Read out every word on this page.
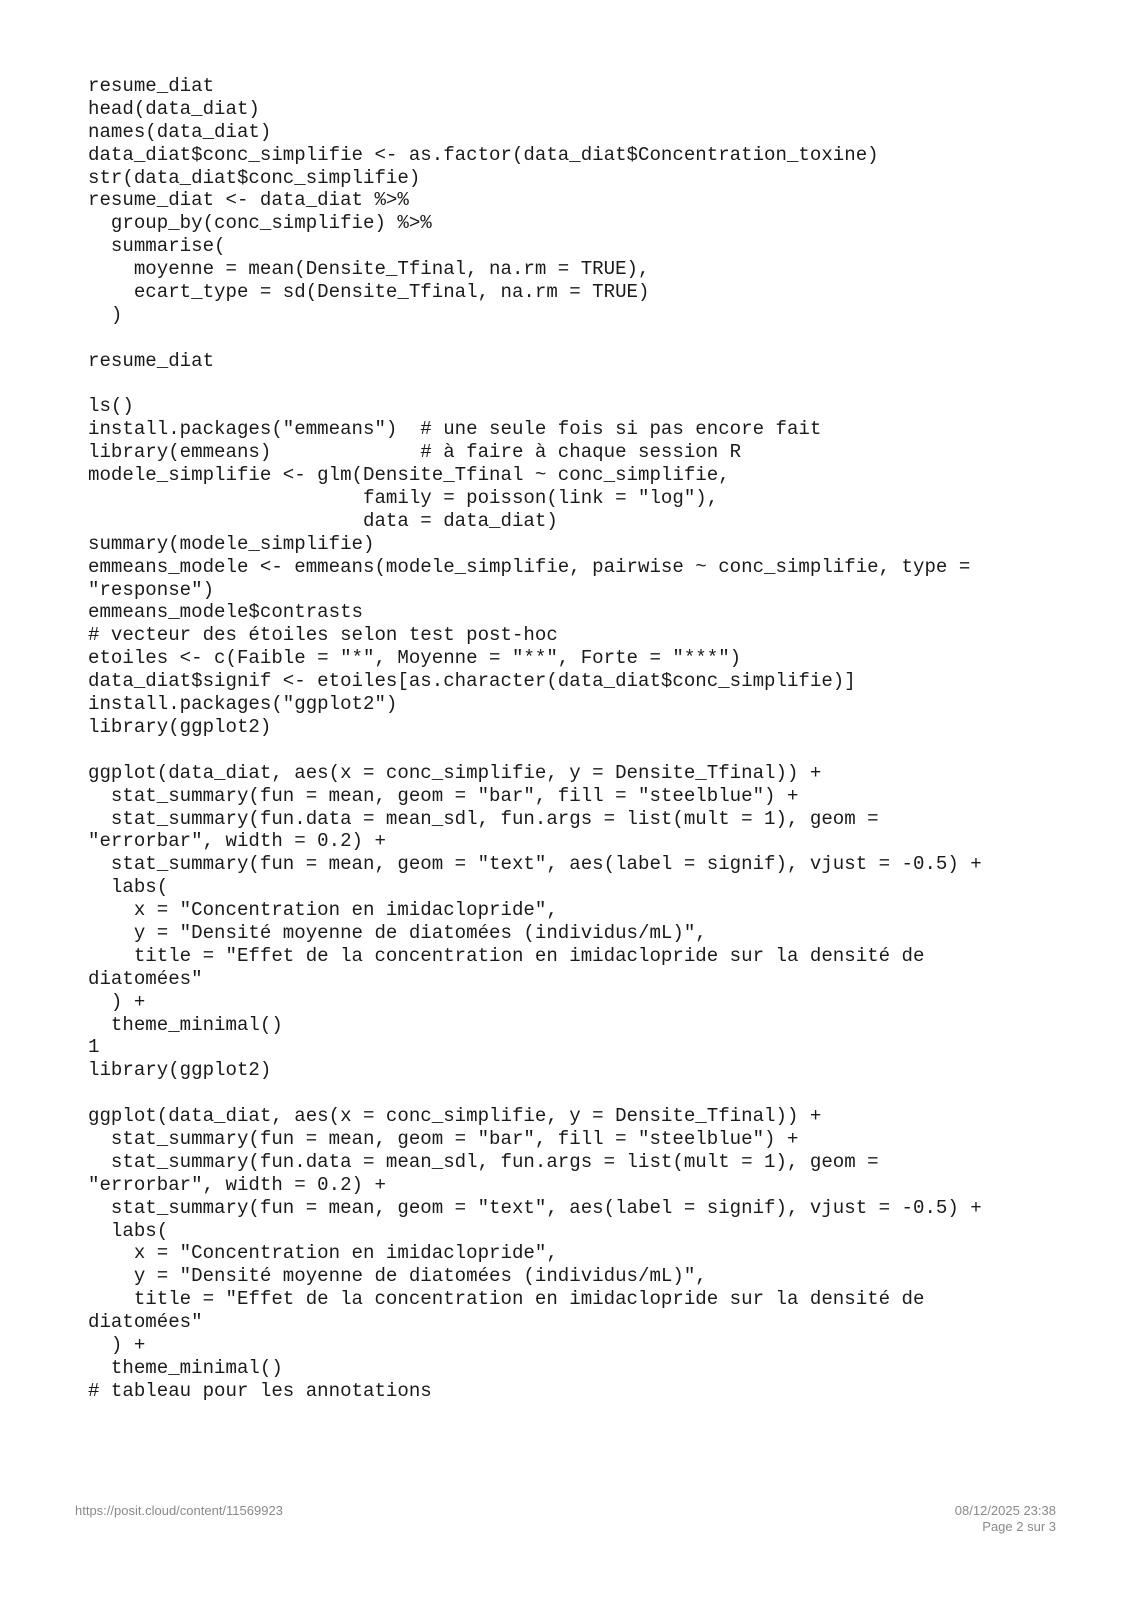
resume_diat
head(data_diat)
names(data_diat)
data_diat$conc_simplifie <- as.factor(data_diat$Concentration_toxine)
str(data_diat$conc_simplifie)
resume_diat <- data_diat %>%
group_by(conc_simplifie) %>%
summarise(
moyenne = mean(Densite_Tfinal, na.rm = TRUE),
ecart_type = sd(Densite_Tfinal, na.rm = TRUE)
)
resume_diat
ls()
install.packages("emmeans")  # une seule fois si pas encore fait
library(emmeans)             # à faire à chaque session R
modele_simplifie <- glm(Densite_Tfinal ~ conc_simplifie,
family = poisson(link = "log"),
data = data_diat)
summary(modele_simplifie)
emmeans_modele <- emmeans(modele_simplifie, pairwise ~ conc_simplifie, type =
"response")
emmeans_modele$contrasts
# vecteur des étoiles selon test post-hoc
etoiles <- c(Faible = "*", Moyenne = "**", Forte = "***")
data_diat$signif <- etoiles[as.character(data_diat$conc_simplifie)]
install.packages("ggplot2")
library(ggplot2)
ggplot(data_diat, aes(x = conc_simplifie, y = Densite_Tfinal)) +
stat_summary(fun = mean, geom = "bar", fill = "steelblue") +
stat_summary(fun.data = mean_sdl, fun.args = list(mult = 1), geom =
"errorbar", width = 0.2) +
stat_summary(fun = mean, geom = "text", aes(label = signif), vjust = -0.5) +
labs(
x = "Concentration en imidaclopride",
y = "Densité moyenne de diatomées (individus/mL)",
title = "Effet de la concentration en imidaclopride sur la densité de
diatomées"
) +
theme_minimal()
1
library(ggplot2)
ggplot(data_diat, aes(x = conc_simplifie, y = Densite_Tfinal)) +
stat_summary(fun = mean, geom = "bar", fill = "steelblue") +
stat_summary(fun.data = mean_sdl, fun.args = list(mult = 1), geom =
"errorbar", width = 0.2) +
stat_summary(fun = mean, geom = "text", aes(label = signif), vjust = -0.5) +
labs(
x = "Concentration en imidaclopride",
y = "Densité moyenne de diatomées (individus/mL)",
title = "Effet de la concentration en imidaclopride sur la densité de
diatomées"
) +
theme_minimal()
# tableau pour les annotations
https://posit.cloud/content/11569923	08/12/2025 23:38
Page 2 sur 3
